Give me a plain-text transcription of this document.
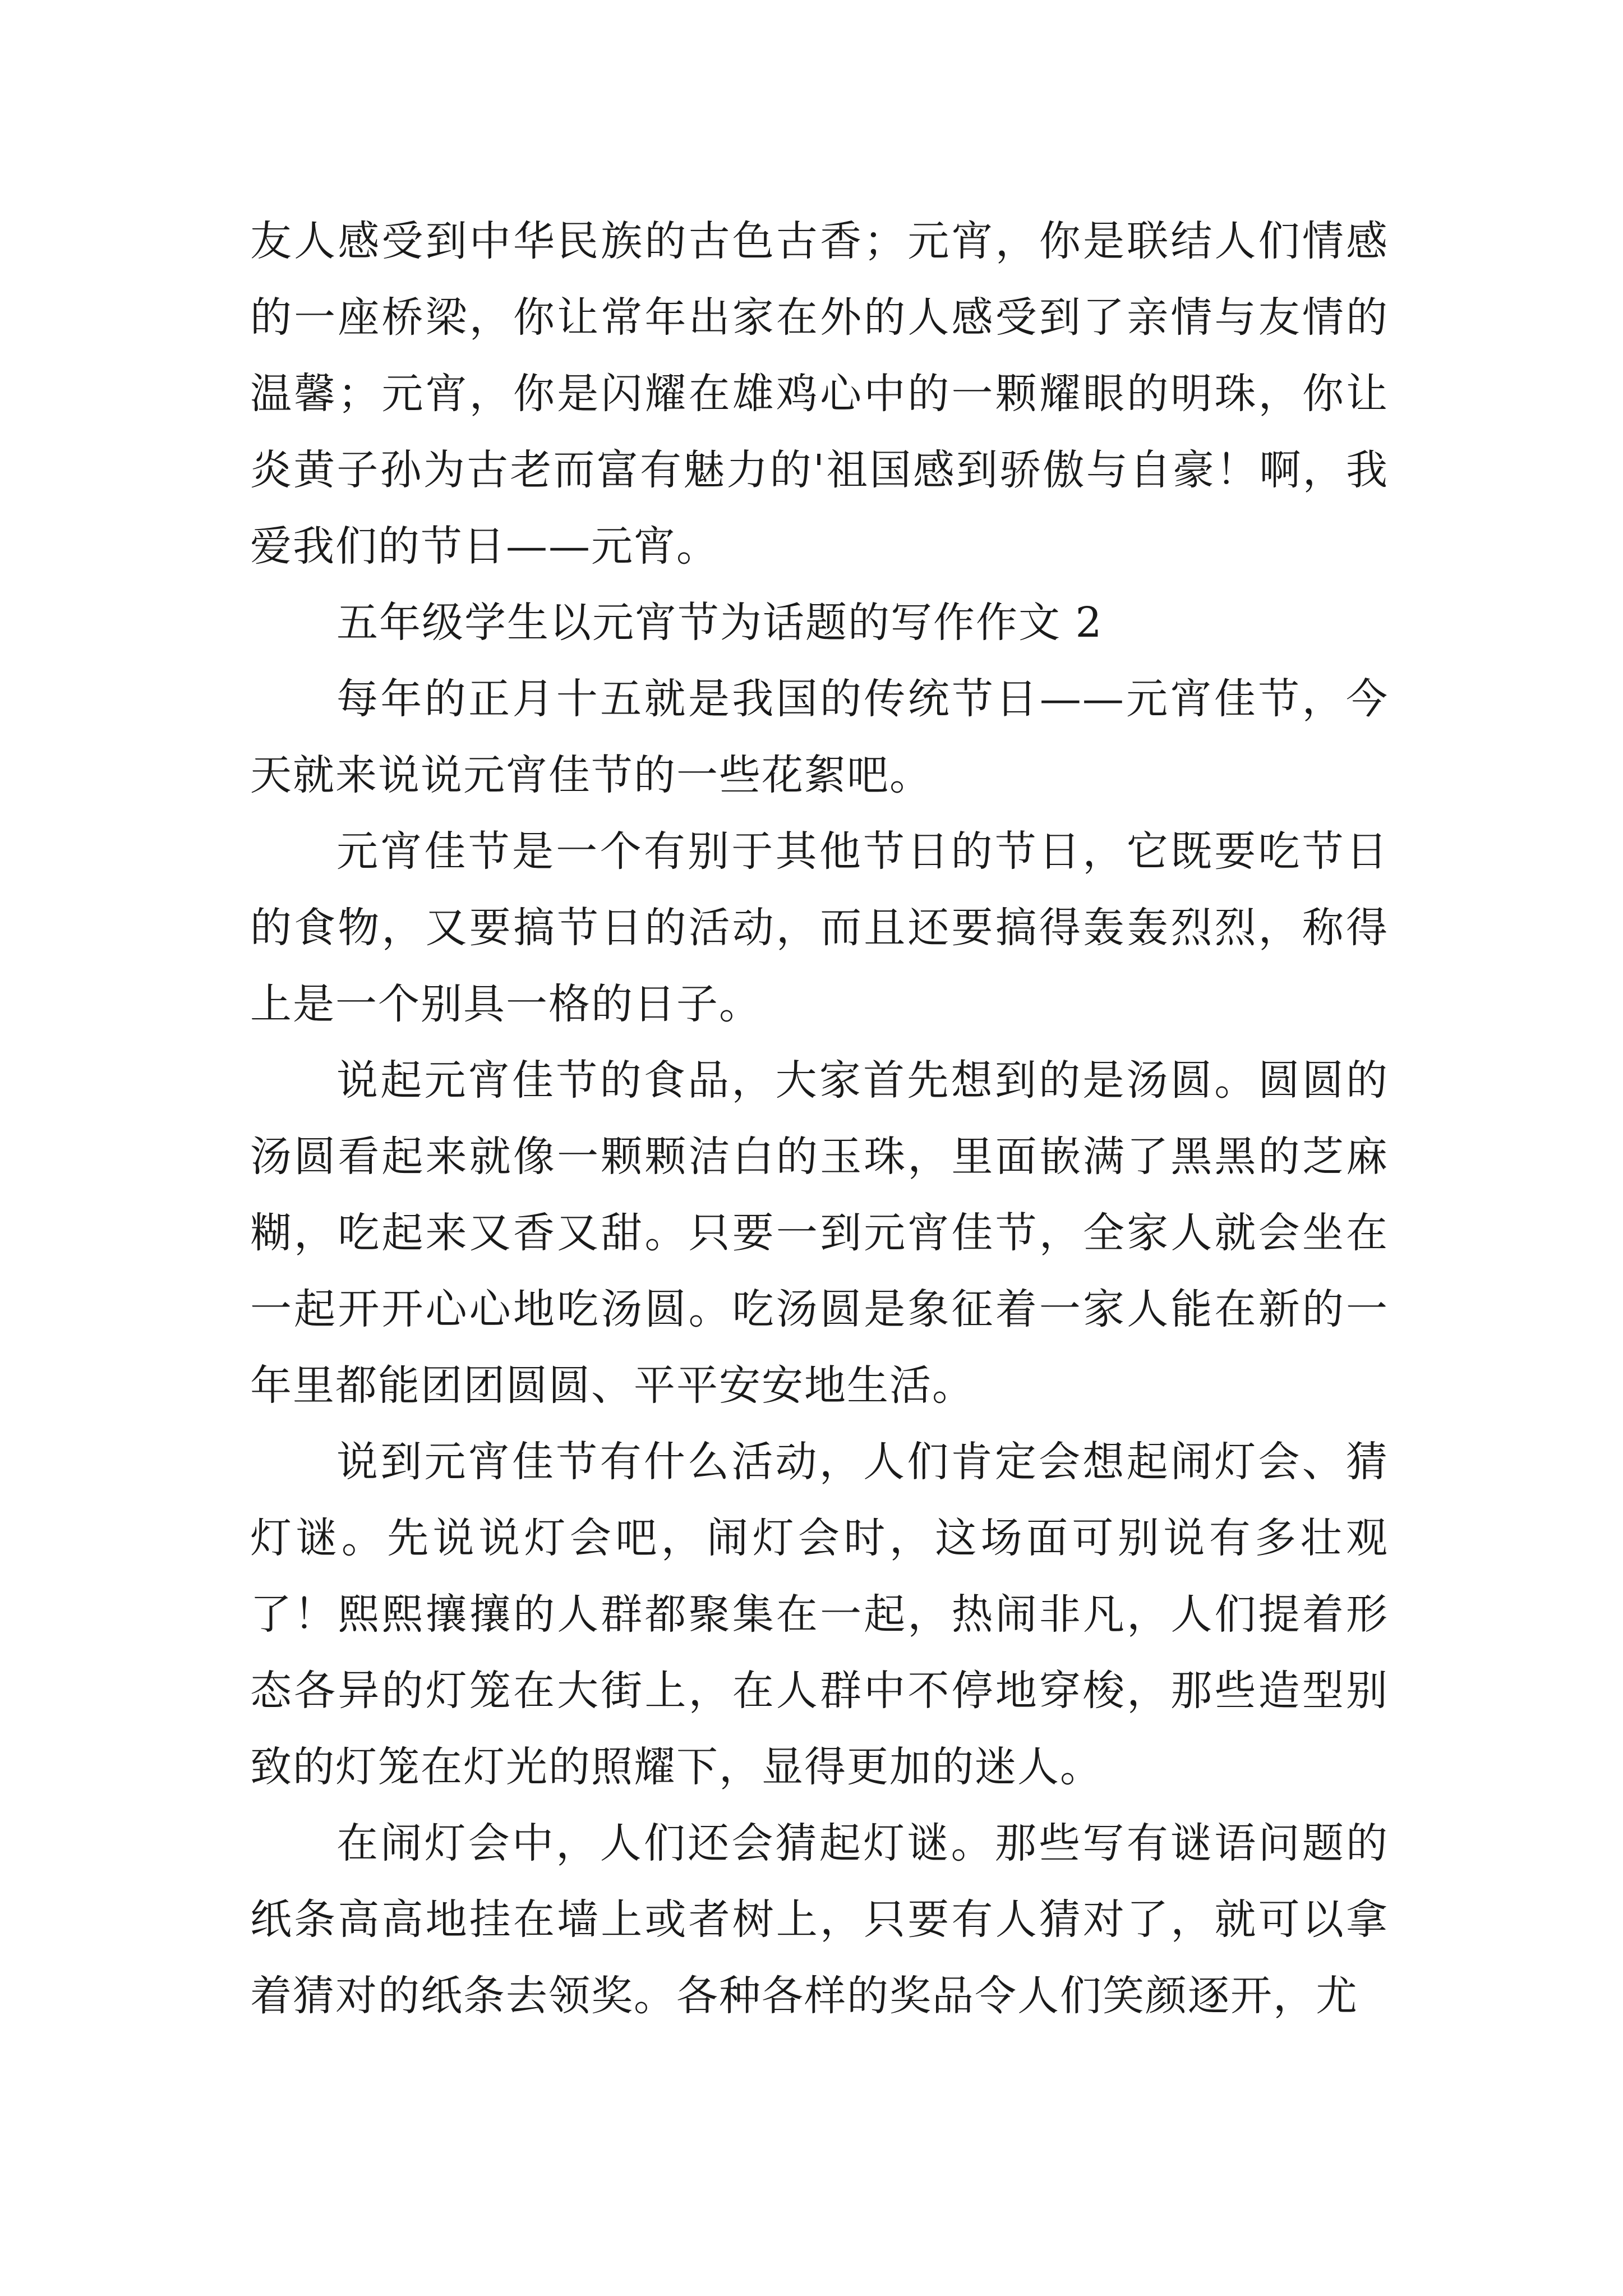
友人感受到中华民族的古色古香；元宵，你是联结人们情感的一座桥梁，你让常年出家在外的人感受到了亲情与友情的温馨；元宵，你是闪耀在雄鸡心中的一颗耀眼的明珠，你让炎黄子孙为古老而富有魅力的'祖国感到骄傲与自豪！啊，我爱我们的节日——元宵。

五年级学生以元宵节为话题的写作作文 2

每年的正月十五就是我国的传统节日——元宵佳节，今天就来说说元宵佳节的一些花絮吧。

元宵佳节是一个有别于其他节日的节日，它既要吃节日的食物，又要搞节日的活动，而且还要搞得轰轰烈烈，称得上是一个别具一格的日子。

说起元宵佳节的食品，大家首先想到的是汤圆。圆圆的汤圆看起来就像一颗颗洁白的玉珠，里面嵌满了黑黑的芝麻糊，吃起来又香又甜。只要一到元宵佳节，全家人就会坐在一起开开心心地吃汤圆。吃汤圆是象征着一家人能在新的一年里都能团团圆圆、平平安安地生活。

说到元宵佳节有什么活动，人们肯定会想起闹灯会、猜灯谜。先说说灯会吧，闹灯会时，这场面可别说有多壮观了！熙熙攘攘的人群都聚集在一起，热闹非凡，人们提着形态各异的灯笼在大街上，在人群中不停地穿梭，那些造型别致的灯笼在灯光的照耀下，显得更加的迷人。

在闹灯会中，人们还会猜起灯谜。那些写有谜语问题的纸条高高地挂在墙上或者树上，只要有人猜对了，就可以拿着猜对的纸条去领奖。各种各样的奖品令人们笑颜逐开，尤
